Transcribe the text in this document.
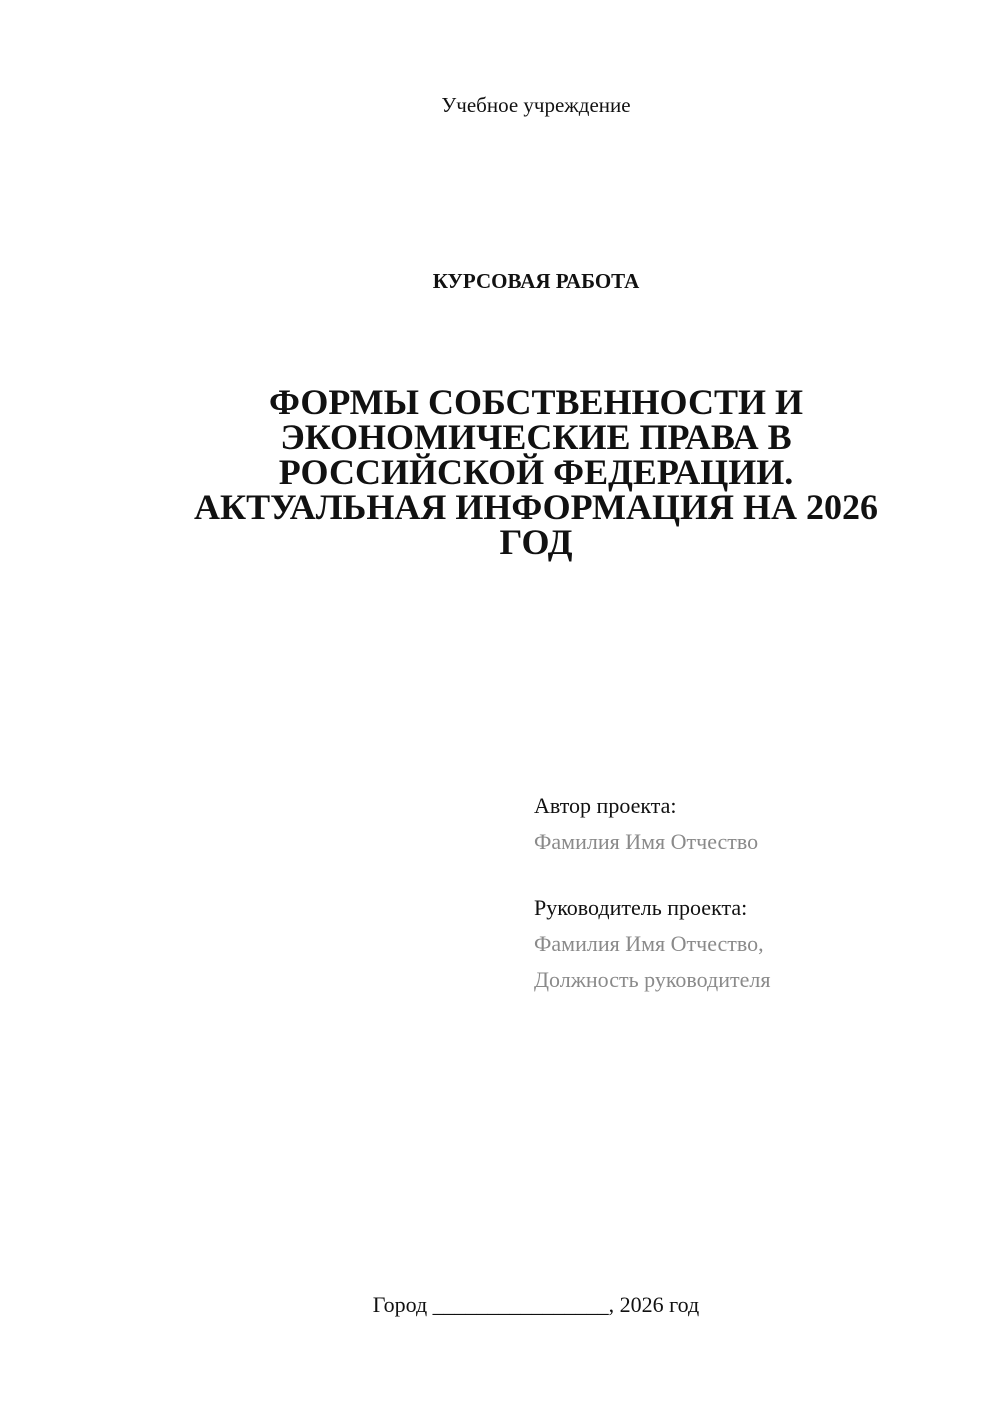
Учебное учреждение
КУРСОВАЯ РАБОТА
ФОРМЫ СОБСТВЕННОСТИ И
ЭКОНОМИЧЕСКИЕ ПРАВА В
РОССИЙСКОЙ ФЕДЕРАЦИИ.
АКТУАЛЬНАЯ ИНФОРМАЦИЯ НА 2026
ГОД
Автор проекта:
Фамилия Имя Отчество
Руководитель проекта:
Фамилия Имя Отчество,
Должность руководителя
Город ________________, 2026 год
